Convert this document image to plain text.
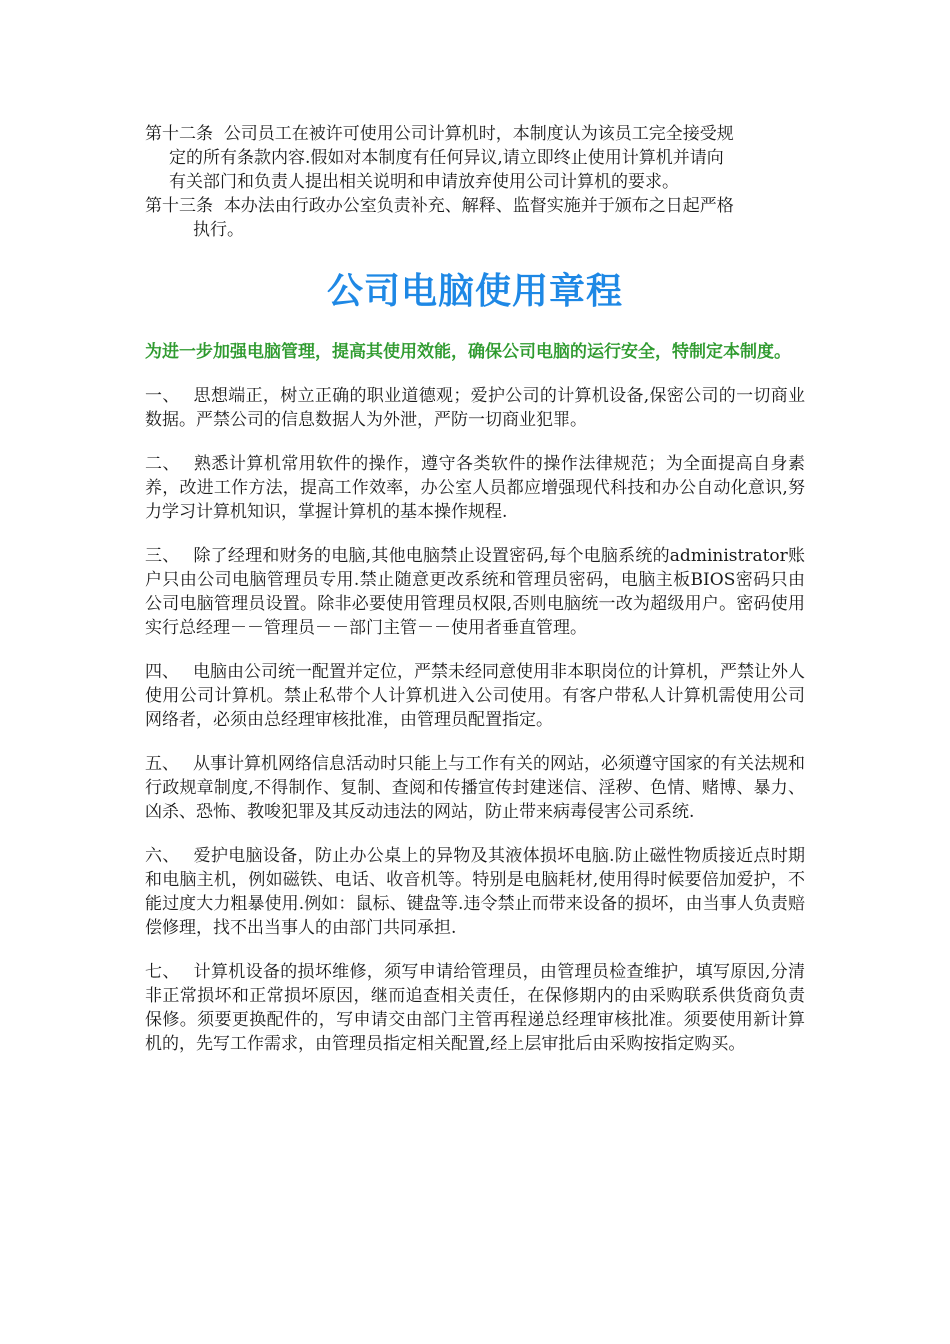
第十二条 公司员工在被许可使用公司计算机时，本制度认为该员工完全接受规

定的所有条款内容.假如对本制度有任何异议,请立即终止使用计算机并请向

有关部门和负责人提出相关说明和申请放弃使用公司计算机的要求。

第十三条 本办法由行政办公室负责补充、解释、监督实施并于颁布之日起严格

执行。

公司电脑使用章程

为进一步加强电脑管理，提高其使用效能，确保公司电脑的运行安全，特制定本制度。

一、 思想端正，树立正确的职业道德观；爱护公司的计算机设备,保密公司的一切商业数据。严禁公司的信息数据人为外泄，严防一切商业犯罪。

二、 熟悉计算机常用软件的操作，遵守各类软件的操作法律规范；为全面提高自身素养，改进工作方法，提高工作效率，办公室人员都应增强现代科技和办公自动化意识,努力学习计算机知识，掌握计算机的基本操作规程.

三、 除了经理和财务的电脑,其他电脑禁止设置密码,每个电脑系统的administrator账户只由公司电脑管理员专用.禁止随意更改系统和管理员密码，电脑主板BIOS密码只由公司电脑管理员设置。除非必要使用管理员权限,否则电脑统一改为超级用户。密码使用实行总经理－－管理员－－部门主管－－使用者垂直管理。

四、 电脑由公司统一配置并定位，严禁未经同意使用非本职岗位的计算机，严禁让外人使用公司计算机。禁止私带个人计算机进入公司使用。有客户带私人计算机需使用公司网络者，必须由总经理审核批准，由管理员配置指定。

五、 从事计算机网络信息活动时只能上与工作有关的网站，必须遵守国家的有关法规和行政规章制度,不得制作、复制、查阅和传播宣传封建迷信、淫秽、色情、赌博、暴力、凶杀、恐怖、教唆犯罪及其反动违法的网站，防止带来病毒侵害公司系统.

六、 爱护电脑设备，防止办公桌上的异物及其液体损坏电脑.防止磁性物质接近点时期和电脑主机，例如磁铁、电话、收音机等。特别是电脑耗材,使用得时候要倍加爱护，不能过度大力粗暴使用.例如：鼠标、键盘等.违令禁止而带来设备的损坏，由当事人负责赔偿修理，找不出当事人的由部门共同承担.

七、 计算机设备的损坏维修，须写申请给管理员，由管理员检查维护，填写原因,分清非正常损坏和正常损坏原因，继而追查相关责任，在保修期内的由采购联系供货商负责保修。须要更换配件的，写申请交由部门主管再程递总经理审核批准。须要使用新计算机的，先写工作需求，由管理员指定相关配置,经上层审批后由采购按指定购买。
